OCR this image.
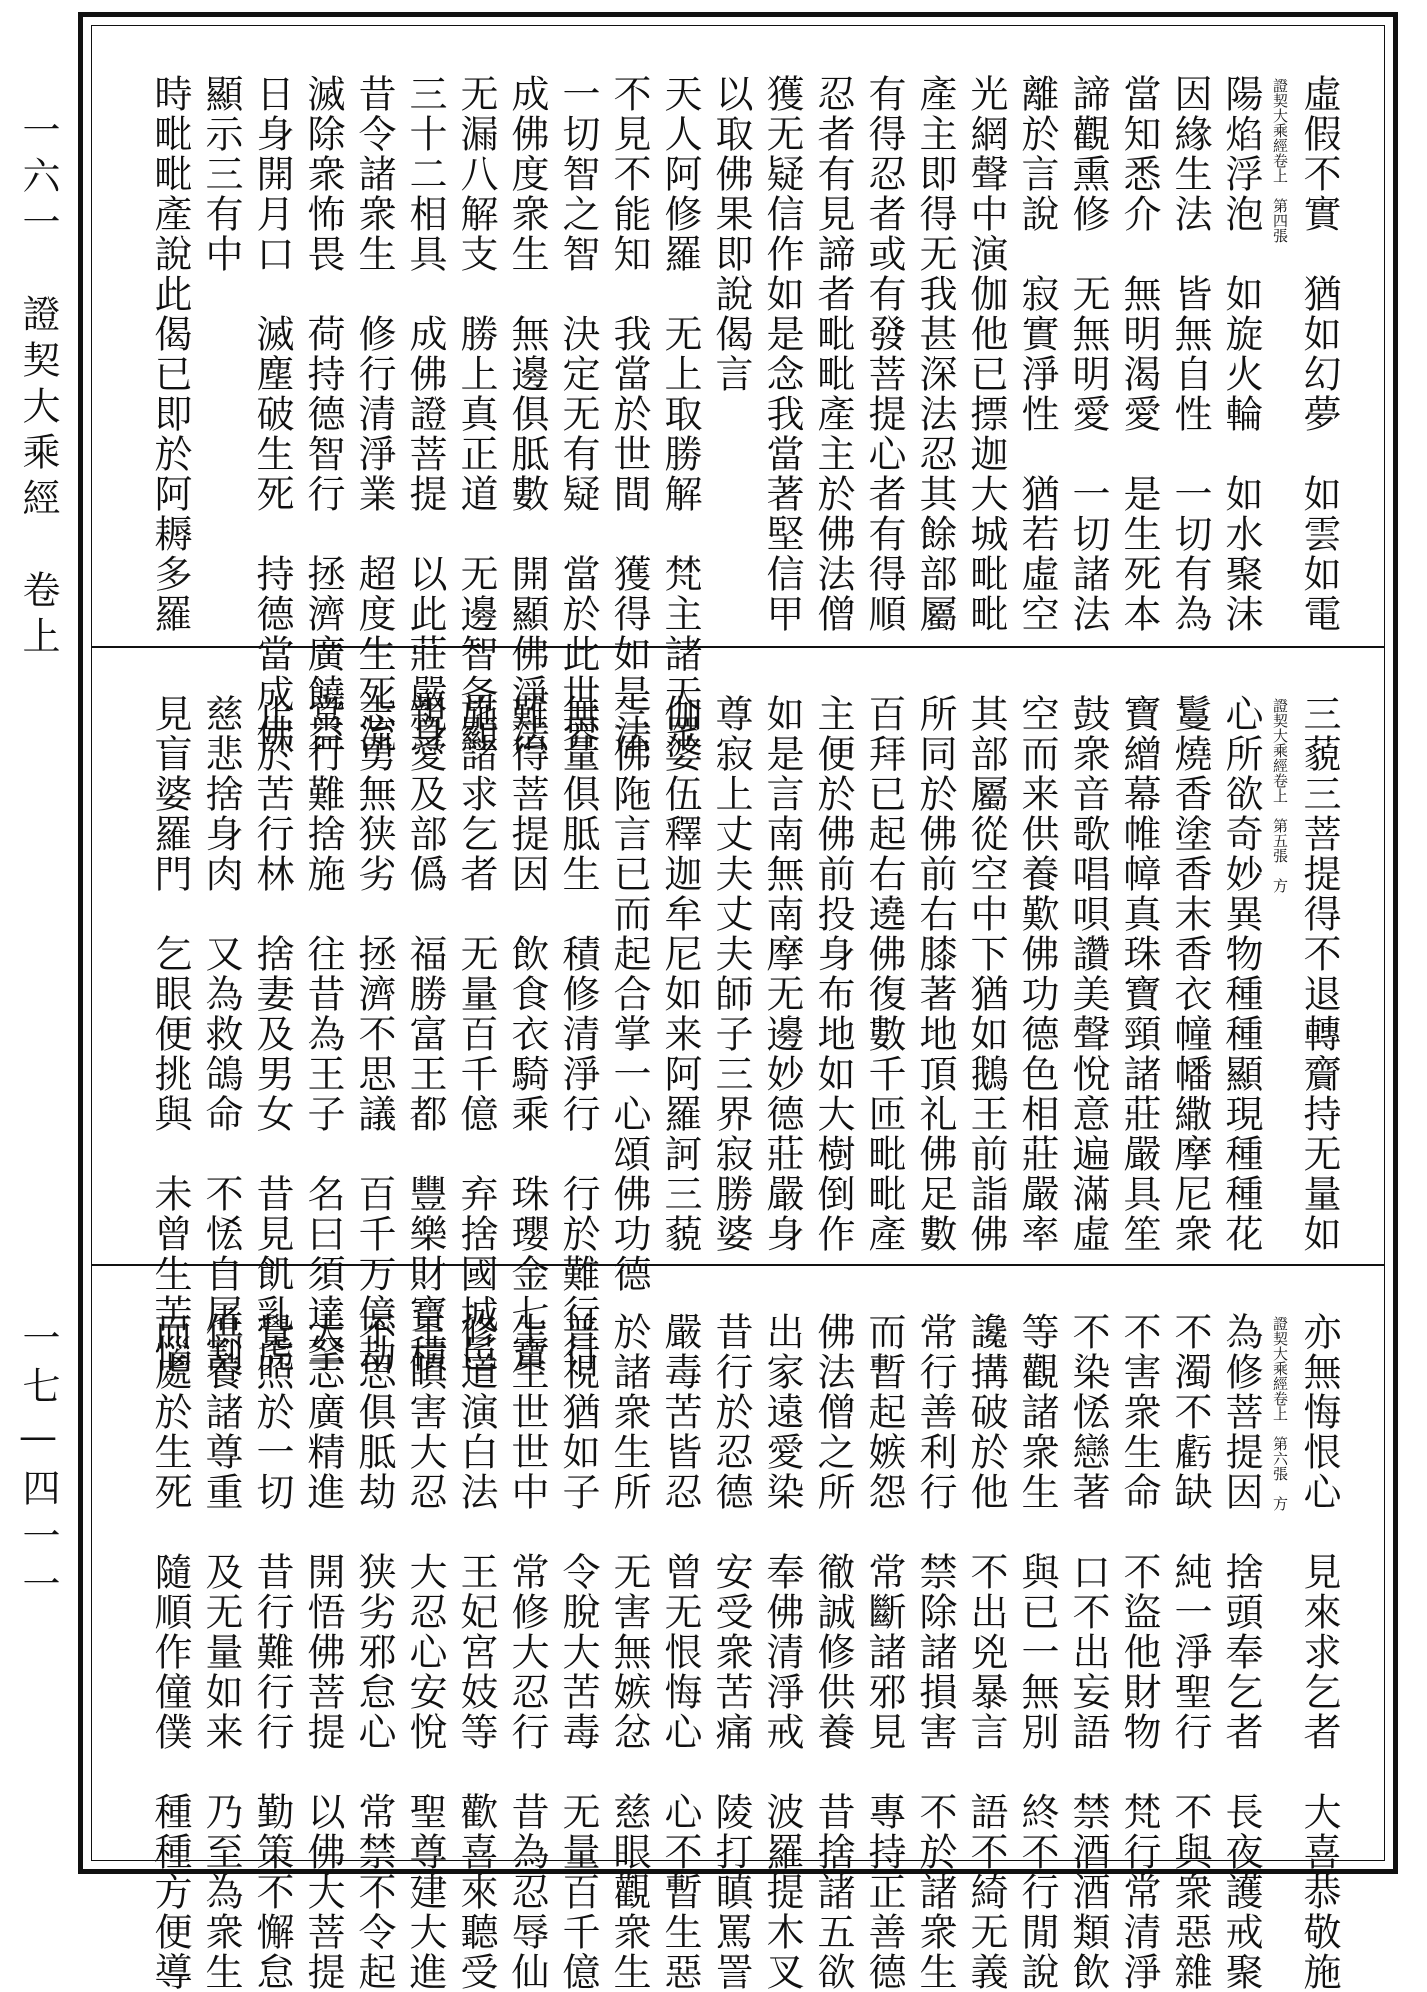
一六一　證契大乘經　卷上
一七—四一一
虛假不實　猶如幻夢　如雲如電
證契大乘經卷上　第四張
陽焰浮泡　如旋火輪　如水聚沫
因緣生法　皆無自性　一切有為
當知悉介　無明渴愛　是生死本
諦觀熏修　无無明愛　一切諸法
離於言說　寂實淨性　猶若虛空
光網聲中演伽他已摽迦大城毗毗
產主即得无我甚深法忍其餘部屬
有得忍者或有發菩提心者有得順
忍者有見諦者毗毗產主於佛法僧
獲无疑信作如是念我當著堅信甲
以取佛果即說偈言
天人阿修羅　无上取勝解　梵主諸天眾
不見不能知　我當於世間　獲得如是法
一切智之智　決定无有疑　當於此世界
成佛度衆生　無邊俱胝數　開顯佛淨法
无漏八解支　勝上真正道　无邊智备顯
三十二相具　成佛證菩提　以此莊嚴身
昔令諸衆生　修行清淨業　超度生死流
滅除衆怖畏　荷持德智行　拯濟廣饒益
日身開月口　滅塵破生死　持德當成佛
顯示三有中
時毗毗產說此偈已即於阿耨多羅
三藐三菩提得不退轉齎持无量如
證契大乘經卷上　第五張　方
心所欲奇妙異物種種顯現種種花
鬘燒香塗香末香衣幢幡繖摩尼衆
寶繒幕帷幛真珠寶頸諸莊嚴具笙
鼓衆音歌唱唄讚美聲悅意遍滿虛
空而来供養歎佛功德色相莊嚴率
其部屬從空中下猶如鵝王前詣佛
所同於佛前右膝著地頂礼佛足數
百拜已起右遶佛復數千匝毗毗產
主便於佛前投身布地如大樹倒作
如是言南無南摩无邊妙德莊嚴身
尊寂上丈夫丈夫師子三界寂勝婆
伽婆伍釋迦牟尼如来阿羅訶三藐
三佛陁言已而起合掌一心頌佛功德
無量俱胝生　積修清淨行　行於難行行
難得菩提因　飲食衣騎乘　珠瓔金七寶
施諸求乞者　无量百千億　弃捨國城邑
親愛及部僞　福勝富王都　豐樂財寶積
志勇無狭劣　拯濟不思議　百千万億劫
常行難捨施　往昔為王子　名曰須達拏
止於苦行林　捨妻及男女　昔見飢乳虎
慈悲捨身肉　又為救鴿命　不恡自屠割
見盲婆羅門　乞眼便挑與　未曾生苦惱
亦無悔恨心　見來求乞者　大喜恭敬施
證契大乘經卷上　第六張　方
為修菩提因　捨頭奉乞者　長夜護戒聚
不濁不虧缺　純一淨聖行　不與衆惡雜
不害衆生命　不盜他財物　梵行常清淨
不染恡戀著　口不出妄語　禁酒酒類飲
等觀諸衆生　與已一無別　終不行閒說
讒搆破於他　不出兇暴言　語不綺无義
常行善利行　禁除諸損害　不於諸衆生
而暫起嫉怨　常斷諸邪見　專持正善德
佛法僧之所　徹誠修供養　昔捨諸五欲
出家遠愛染　奉佛清淨戒　波羅提木叉
昔行於忍德　安受衆苦痛　陵打瞋罵詈
嚴毒苦皆忍　曾无恨悔心　心不暫生惡
於諸衆生所　无害無嫉忿　慈眼觀衆生
普視猶如子　令脫大苦毒　无量百千億
生生世世中　常修大忍行　昔為忍辱仙
修道演白法　王妃宮妓等　歡喜來聽受
王瞋害大忍　大忍心安悅　聖尊建大進
不思俱胝劫　狭劣邪怠心　常禁不令起
大志廣精進　開悟佛菩提　以佛大菩提
覺照於一切　昔行難行行　勤策不懈怠
供養諸尊重　及无量如来　乃至為衆生
而處於生死　隨順作僮僕　種種方便導
